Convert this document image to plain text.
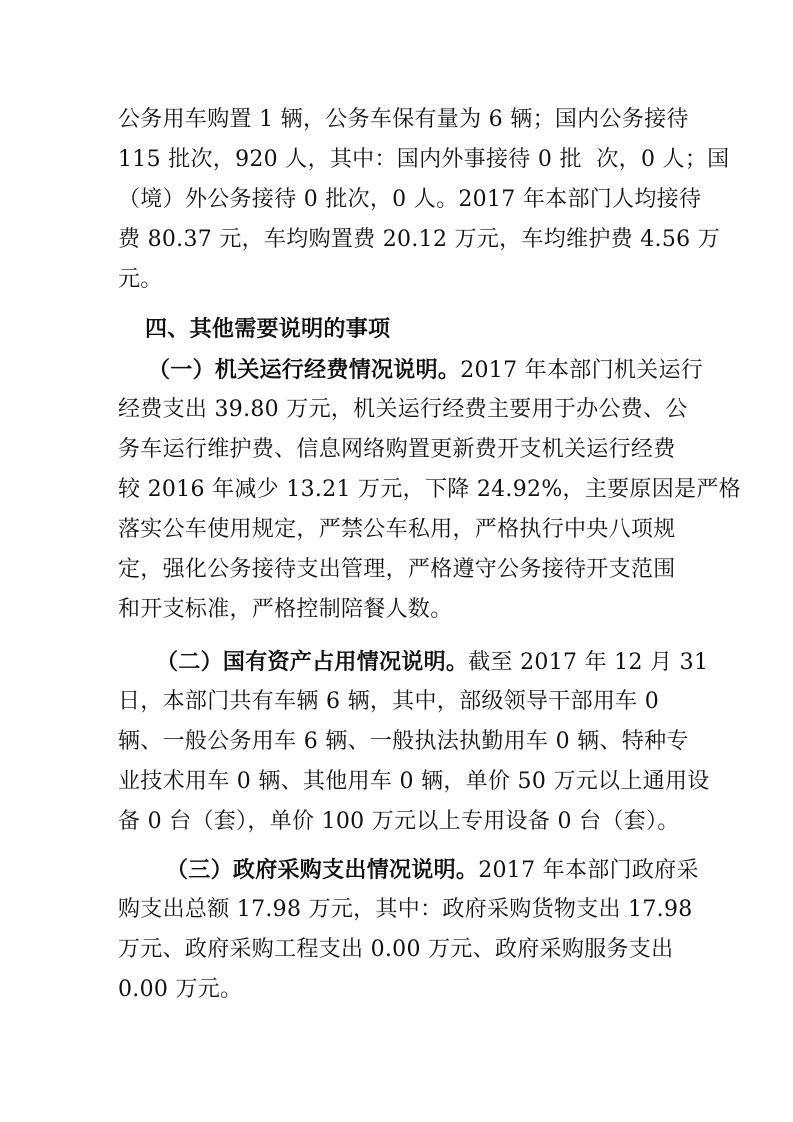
公务用车购置 1 辆，公务车保有量为 6 辆；国内公务接待
115 批次，920 人，其中：国内外事接待 0 批  次，0 人；国
（境）外公务接待 0 批次，0 人。2017 年本部门人均接待
费 80.37 元，车均购置费 20.12 万元，车均维护费 4.56 万
元。
四、其他需要说明的事项
（一）机关运行经费情况说明。2017 年本部门机关运行
经费支出 39.80 万元，机关运行经费主要用于办公费、公
务车运行维护费、信息网络购置更新费开支机关运行经费
较 2016 年减少 13.21 万元，下降 24.92%，主要原因是严格
落实公车使用规定，严禁公车私用，严格执行中央八项规
定，强化公务接待支出管理，严格遵守公务接待开支范围
和开支标准，严格控制陪餐人数。
（二）国有资产占用情况说明。截至 2017 年 12 月 31
日，本部门共有车辆 6 辆，其中，部级领导干部用车 0
辆、一般公务用车 6 辆、一般执法执勤用车 0 辆、特种专
业技术用车 0 辆、其他用车 0 辆，单价 50 万元以上通用设
备 0 台（套），单价 100 万元以上专用设备 0 台（套）。
（三）政府采购支出情况说明。2017 年本部门政府采
购支出总额 17.98 万元，其中：政府采购货物支出 17.98
万元、政府采购工程支出 0.00 万元、政府采购服务支出
0.00 万元。
